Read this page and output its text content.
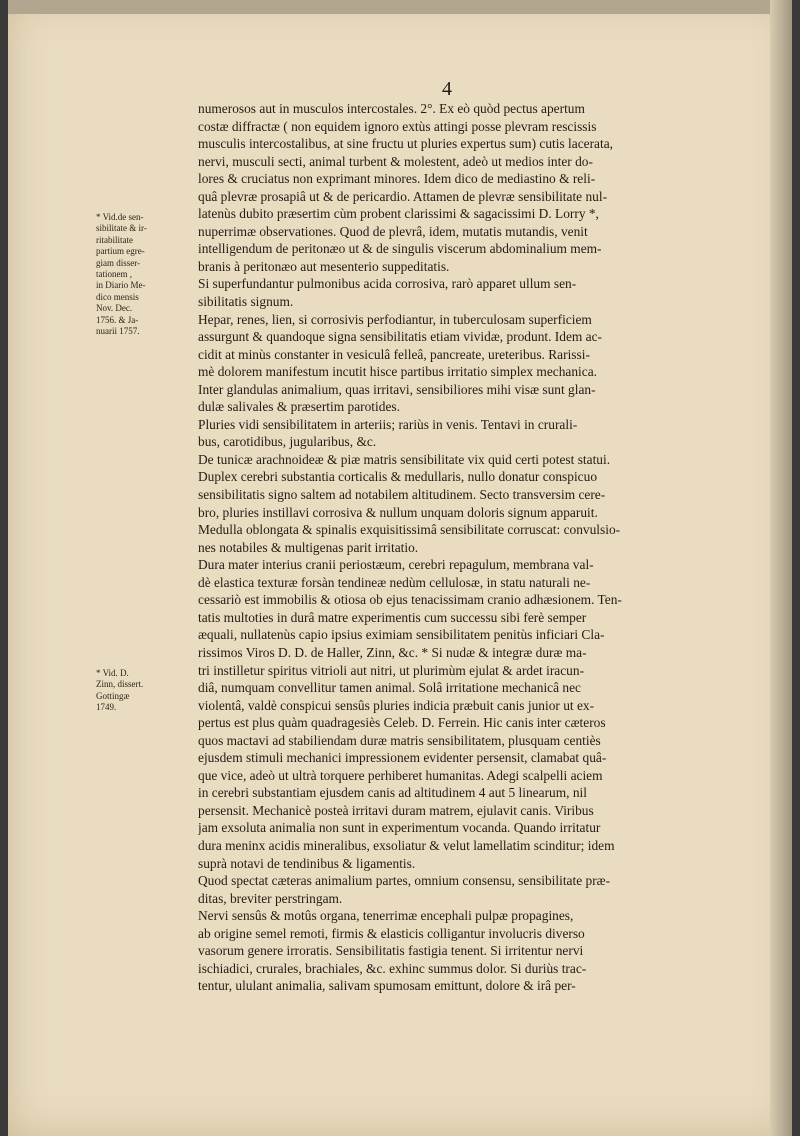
4
* Vid.de sen-
sibilitate & ir-
ritabilitate
partium egre-
giam disser-
tationem ,
in Diario Me-
dico mensis
Nov. Dec.
1756. & Ja-
nuarii 1757.
* Vid. D.
Zinn, dissert.
Gottingæ
1749.
numerosos aut in musculos intercostales. 2°. Ex eò quòd pectus apertum
costæ diffractæ ( non equidem ignoro extùs attingi posse plevram rescissis
musculis intercostalibus, at sine fructu ut pluries expertus sum) cutis lacerata,
nervi, musculi secti, animal turbent & molestent, adeò ut medios inter do-
lores & cruciatus non exprimant minores. Idem dico de mediastino & reli-
quâ plevræ prosapiâ ut & de pericardio. Attamen de plevræ sensibilitate nul-
latenùs dubito præsertim cùm probent clarissimi & sagacissimi D. Lorry *,
nuperrimæ observationes. Quod de plevrâ, idem, mutatis mutandis, venit
intelligendum de peritonæo ut & de singulis viscerum abdominalium mem-
branis à peritonæo aut mesenterio suppeditatis.
Si superfundantur pulmonibus acida corrosiva, rarò apparet ullum sen-
sibilitatis signum.
Hepar, renes, lien, si corrosivis perfodiantur, in tuberculosam superficiem
assurgunt & quandoque signa sensibilitatis etiam vividæ, produnt. Idem ac-
cidit at minùs constanter in vesiculâ felleâ, pancreate, ureteribus. Rarissi-
mè dolorem manifestum incutit hisce partibus irritatio simplex mechanica.
Inter glandulas animalium, quas irritavi, sensibiliores mihi visæ sunt glan-
dulæ salivales & præsertim parotides.
Pluries vidi sensibilitatem in arteriis; rariùs in venis. Tentavi in crurali-
bus, carotidibus, jugularibus, &c.
De tunicæ arachnoideæ & piæ matris sensibilitate vix quid certi potest statui.
Duplex cerebri substantia corticalis & medullaris, nullo donatur conspicuo
sensibilitatis signo saltem ad notabilem altitudinem. Secto transversim cere-
bro, pluries instillavi corrosiva & nullum unquam doloris signum apparuit.
Medulla oblongata & spinalis exquisitissimâ sensibilitate corruscat: convulsio-
nes notabiles & multigenas parit irritatio.
Dura mater interius cranii periostæum, cerebri repagulum, membrana val-
dè elastica texturæ forsàn tendineæ nedùm cellulosæ, in statu naturali ne-
cessariò est immobilis & otiosa ob ejus tenacissimam cranio adhæsionem. Ten-
tatis multoties in durâ matre experimentis cum successu sibi ferè semper
æquali, nullatenùs capio ipsius eximiam sensibilitatem penitùs inficiari Cla-
rissimos Viros D. D. de Haller, Zinn, &c. * Si nudæ & integræ duræ ma-
tri instilletur spiritus vitrioli aut nitri, ut plurimùm ejulat & ardet iracun-
diâ, numquam convellitur tamen animal. Solâ irritatione mechanicâ nec
violentâ, valdè conspicui sensûs pluries indicia præbuit canis junior ut ex-
pertus est plus quàm quadragesiès Celeb. D. Ferrein. Hic canis inter cæteros
quos mactavi ad stabiliendam duræ matris sensibilitatem, plusquam centiès
ejusdem stimuli mechanici impressionem evidenter persensit, clamabat quâ-
que vice, adeò ut ultrà torquere perhiberet humanitas. Adegi scalpelli aciem
in cerebri substantiam ejusdem canis ad altitudinem 4 aut 5 linearum, nil
persensit. Mechanicè posteà irritavi duram matrem, ejulavit canis. Viribus
jam exsoluta animalia non sunt in experimentum vocanda. Quando irritatur
dura meninx acidis mineralibus, exsoliatur & velut lamellatim scinditur; idem
suprà notavi de tendinibus & ligamentis.
Quod spectat cæteras animalium partes, omnium consensu, sensibilitate præ-
ditas, breviter perstringam.
Nervi sensûs & motûs organa, tenerrimæ encephali pulpæ propagines,
ab origine semel remoti, firmis & elasticis colligantur involucris diverso
vasorum genere irroratis. Sensibilitatis fastigia tenent. Si irritentur nervi
ischiadici, crurales, brachiales, &c. exhinc summus dolor. Si duriùs trac-
tentur, ululant animalia, salivam spumosam emittunt, dolore & irâ per-
